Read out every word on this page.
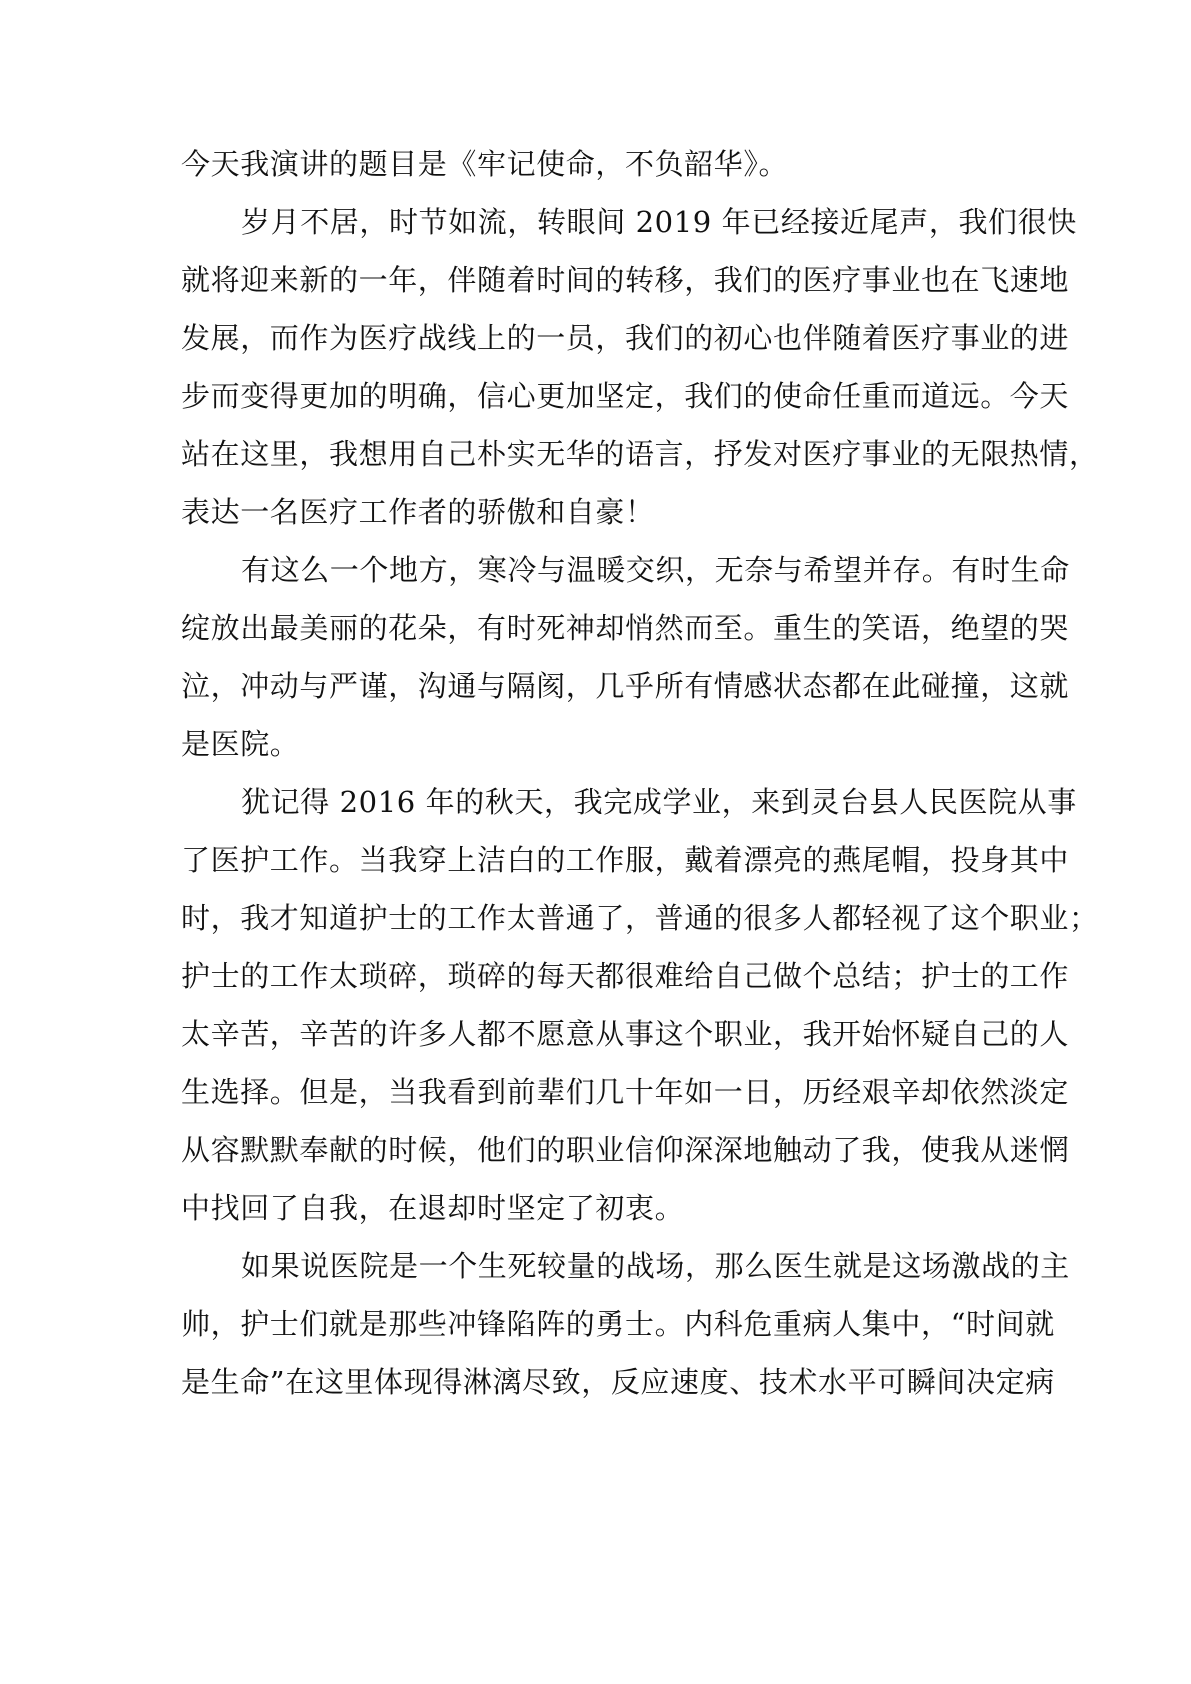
今天我演讲的题目是《牢记使命，不负韶华》。
岁月不居，时节如流，转眼间 2019 年已经接近尾声，我们很快
就将迎来新的一年，伴随着时间的转移，我们的医疗事业也在飞速地
发展，而作为医疗战线上的一员，我们的初心也伴随着医疗事业的进
步而变得更加的明确，信心更加坚定，我们的使命任重而道远。今天
站在这里，我想用自己朴实无华的语言，抒发对医疗事业的无限热情，
表达一名医疗工作者的骄傲和自豪！
有这么一个地方，寒冷与温暖交织，无奈与希望并存。有时生命
绽放出最美丽的花朵，有时死神却悄然而至。重生的笑语，绝望的哭
泣，冲动与严谨，沟通与隔阂，几乎所有情感状态都在此碰撞，这就
是医院。
犹记得 2016 年的秋天，我完成学业，来到灵台县人民医院从事
了医护工作。当我穿上洁白的工作服，戴着漂亮的燕尾帽，投身其中
时，我才知道护士的工作太普通了，普通的很多人都轻视了这个职业；
护士的工作太琐碎，琐碎的每天都很难给自己做个总结；护士的工作
太辛苦，辛苦的许多人都不愿意从事这个职业，我开始怀疑自己的人
生选择。但是，当我看到前辈们几十年如一日，历经艰辛却依然淡定
从容默默奉献的时候，他们的职业信仰深深地触动了我，使我从迷惘
中找回了自我，在退却时坚定了初衷。
如果说医院是一个生死较量的战场，那么医生就是这场激战的主
帅，护士们就是那些冲锋陷阵的勇士。内科危重病人集中，“时间就
是生命”在这里体现得淋漓尽致，反应速度、技术水平可瞬间决定病
